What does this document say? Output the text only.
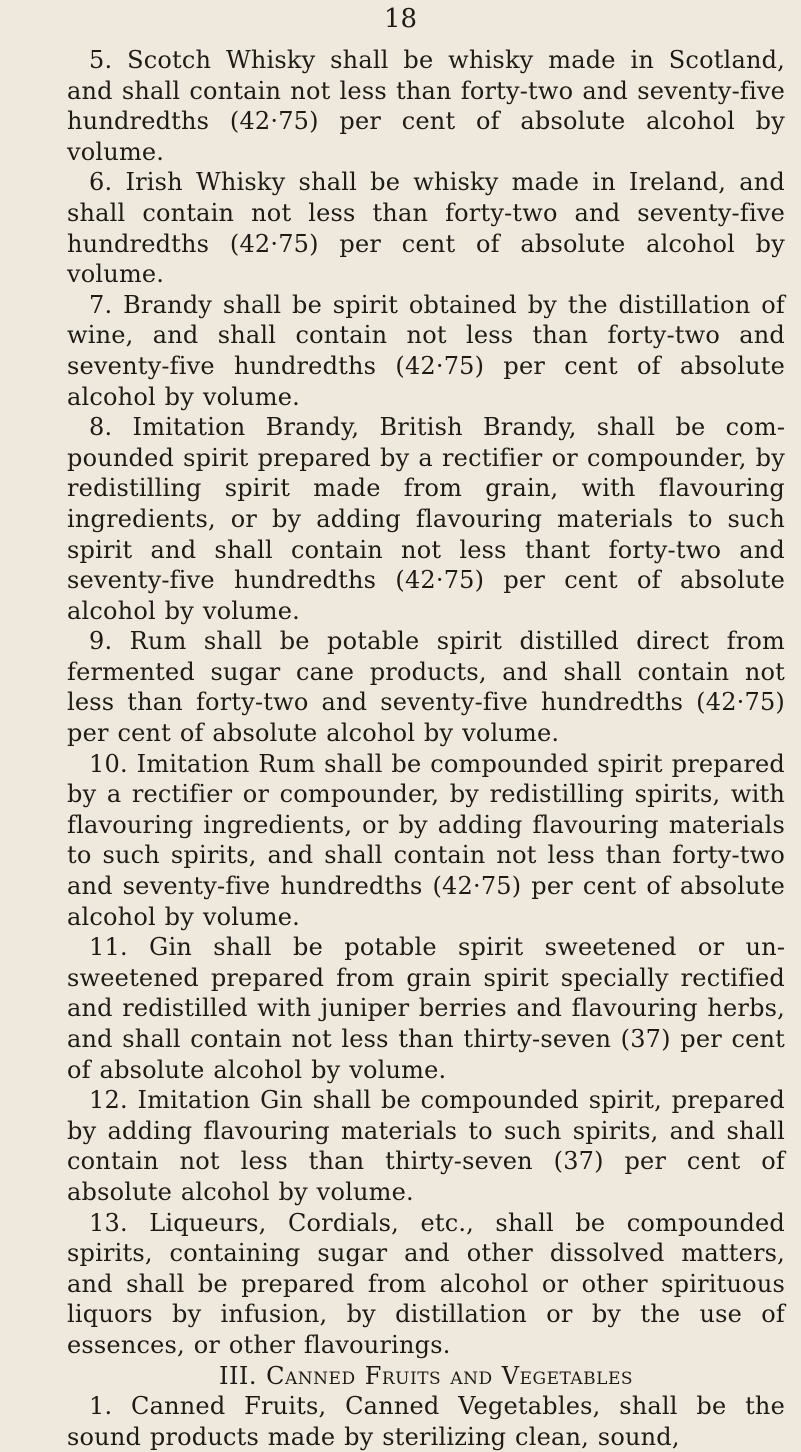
18

5. Scotch Whisky shall be whisky made in Scotland, and shall contain not less than forty-two and seventy-five hundredths (42·75) per cent of absolute alcohol by volume.

6. Irish Whisky shall be whisky made in Ireland, and shall contain not less than forty-two and seventy-five hundredths (42·75) per cent of absolute alcohol by volume.

7. Brandy shall be spirit obtained by the distillation of wine, and shall contain not less than forty-two and seventy-five hundredths (42·75) per cent of absolute alcohol by volume.

8. Imitation Brandy, British Brandy, shall be compounded spirit prepared by a rectifier or compounder, by redistilling spirit made from grain, with flavouring ingredients, or by adding flavouring materials to such spirit and shall contain not less thant forty-two and seventy-five hundredths (42·75) per cent of absolute alcohol by volume.

9. Rum shall be potable spirit distilled direct from fermented sugar cane products, and shall contain not less than forty-two and seventy-five hundredths (42·75) per cent of absolute alcohol by volume.

10. Imitation Rum shall be compounded spirit prepared by a rectifier or compounder, by redistilling spirits, with flavouring ingredients, or by adding flavouring materials to such spirits, and shall contain not less than forty-two and seventy-five hundredths (42·75) per cent of absolute alcohol by volume.

11. Gin shall be potable spirit sweetened or unsweetened prepared from grain spirit specially rectified and redistilled with juniper berries and flavouring herbs, and shall contain not less than thirty-seven (37) per cent of absolute alcohol by volume.

12. Imitation Gin shall be compounded spirit, prepared by adding flavouring materials to such spirits, and shall contain not less than thirty-seven (37) per cent of absolute alcohol by volume.

13. Liqueurs, Cordials, etc., shall be compounded spirits, containing sugar and other dissolved matters, and shall be prepared from alcohol or other spirituous liquors by infusion, by distillation or by the use of essences, or other flavourings.

III. Canned Fruits and Vegetables

1. Canned Fruits, Canned Vegetables, shall be the sound products made by sterilizing clean, sound,
